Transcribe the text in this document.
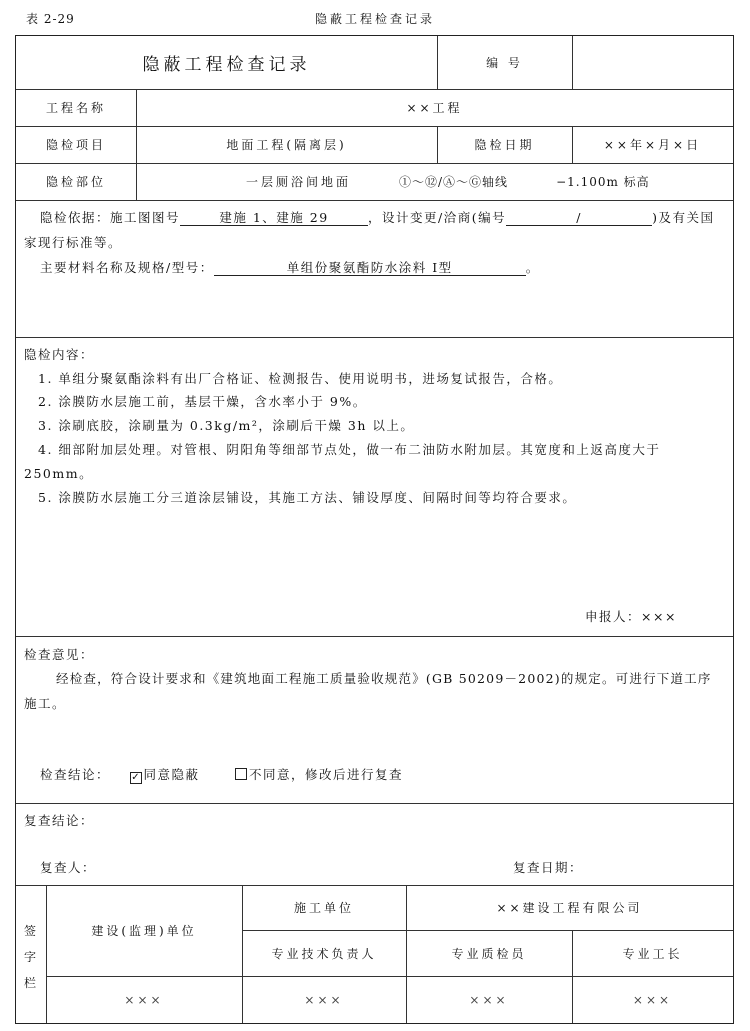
表 2-29	隐蔽工程检查记录
隐蔽工程检查记录	编 号
工程名称	××工程
隐检项目	地面工程(隔离层)	隐检日期	××年×月×日
隐检部位	一层厕浴间地面	①～⑫/Ⓐ～Ⓖ轴线	−1.100m 标高
隐检依据：施工图图号	建施 1、建施 29	，设计变更/洽商(编号	/	)及有关国
家现行标准等。
主要材料名称及规格/型号：	单组份聚氨酯防水涂料 Ⅰ型	。
隐检内容：
1. 单组分聚氨酯涂料有出厂合格证、检测报告、使用说明书，进场复试报告，合格。
2. 涂膜防水层施工前，基层干燥，含水率小于 9%。
3. 涂刷底胶，涂刷量为 0.3kg/m²，涂刷后干燥 3h 以上。
4. 细部附加层处理。对管根、阴阳角等细部节点处，做一布二油防水附加层。其宽度和上返高度大于
250mm。
5. 涂膜防水层施工分三道涂层铺设，其施工方法、铺设厚度、间隔时间等均符合要求。
申报人：×××
检查意见：
经检查，符合设计要求和《建筑地面工程施工质量验收规范》(GB 50209－2002)的规定。可进行下道工序
施工。
检查结论： ✓ 同意隐蔽	不同意，修改后进行复查
复查结论：
复查人：	复查日期：
签
字
栏
建设(监理)单位
施工单位	××建设工程有限公司
专业技术负责人	专业质检员	专业工长
×××	×××	×××	×××
